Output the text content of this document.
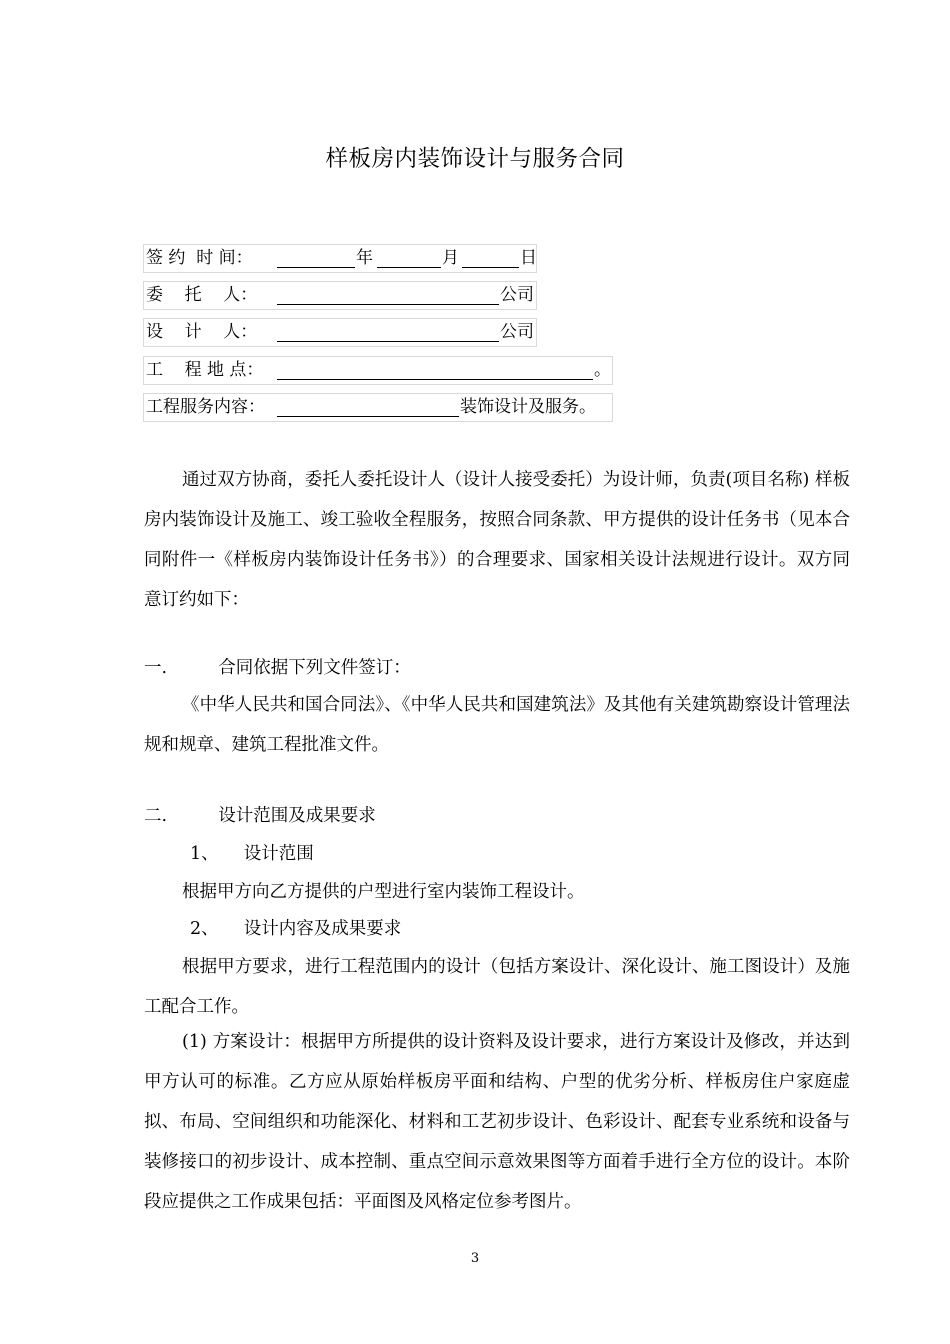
样板房内装饰设计与服务合同
签 约  时 间：	年	月	日
委    托    人：	公司
设    计    人：	公司
工    程 地 点：	。
工程服务内容：	装饰设计及服务。
通过双方协商，委托人委托设计人（设计人接受委托）为设计师，负责(项目名称) 样板房内装饰设计及施工、竣工验收全程服务，按照合同条款、甲方提供的设计任务书（见本合同附件一《样板房内装饰设计任务书》）的合理要求、国家相关设计法规进行设计。双方同意订约如下：
一.	合同依据下列文件签订：
《中华人民共和国合同法》、《中华人民共和国建筑法》及其他有关建筑勘察设计管理法规和规章、建筑工程批准文件。
二.	设计范围及成果要求
1、 设计范围
根据甲方向乙方提供的户型进行室内装饰工程设计。
2、 设计内容及成果要求
根据甲方要求，进行工程范围内的设计（包括方案设计、深化设计、施工图设计）及施工配合工作。
(1) 方案设计：根据甲方所提供的设计资料及设计要求，进行方案设计及修改，并达到甲方认可的标准。乙方应从原始样板房平面和结构、户型的优劣分析、样板房住户家庭虚拟、布局、空间组织和功能深化、材料和工艺初步设计、色彩设计、配套专业系统和设备与装修接口的初步设计、成本控制、重点空间示意效果图等方面着手进行全方位的设计。本阶段应提供之工作成果包括：平面图及风格定位参考图片。
3
